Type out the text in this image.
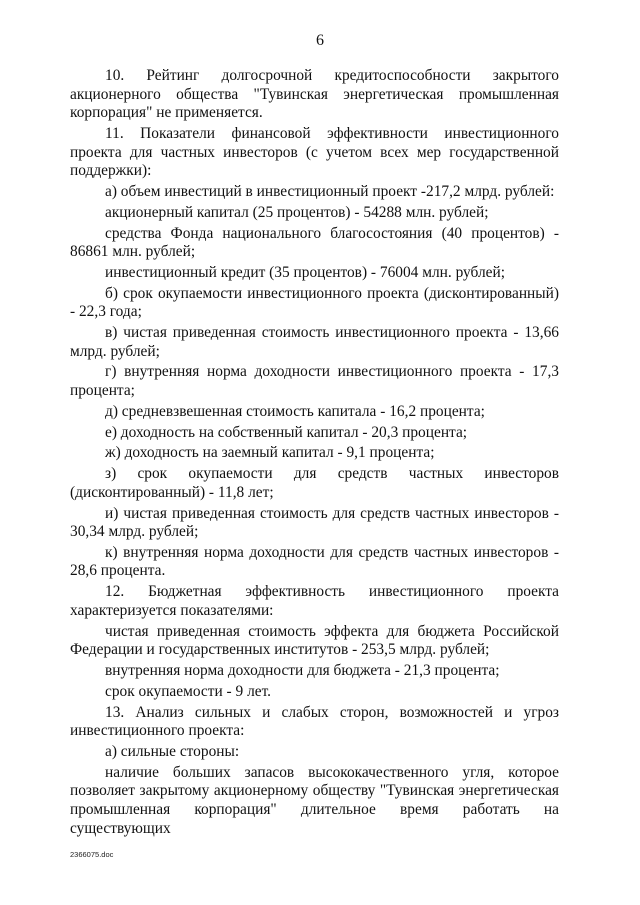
6

10. Рейтинг долгосрочной кредитоспособности закрытого акционерного общества "Тувинская энергетическая промышленная корпорация" не применяется.

11. Показатели финансовой эффективности инвестиционного проекта для частных инвесторов (с учетом всех мер государственной поддержки):

а) объем инвестиций в инвестиционный проект -217,2 млрд. рублей:

акционерный капитал (25 процентов) - 54288 млн. рублей;

средства Фонда национального благосостояния (40 процентов) - 86861 млн. рублей;

инвестиционный кредит (35 процентов) - 76004 млн. рублей;

б) срок окупаемости инвестиционного проекта (дисконтированный) - 22,3 года;

в) чистая приведенная стоимость инвестиционного проекта - 13,66 млрд. рублей;

г) внутренняя норма доходности инвестиционного проекта - 17,3 процента;

д) средневзвешенная стоимость капитала - 16,2 процента;

е) доходность на собственный капитал - 20,3 процента;

ж) доходность на заемный капитал - 9,1 процента;

з) срок окупаемости для средств частных инвесторов (дисконтированный) - 11,8 лет;

и) чистая приведенная стоимость для средств частных инвесторов - 30,34 млрд. рублей;

к) внутренняя норма доходности для средств частных инвесторов - 28,6 процента.

12. Бюджетная эффективность инвестиционного проекта характеризуется показателями:

чистая приведенная стоимость эффекта для бюджета Российской Федерации и государственных институтов - 253,5 млрд. рублей;

внутренняя норма доходности для бюджета - 21,3 процента;

срок окупаемости - 9 лет.

13. Анализ сильных и слабых сторон, возможностей и угроз инвестиционного проекта:

а) сильные стороны:

наличие больших запасов высококачественного угля, которое позволяет закрытому акционерному обществу "Тувинская энергетическая промышленная корпорация" длительное время работать на существующих

2366075.doc
